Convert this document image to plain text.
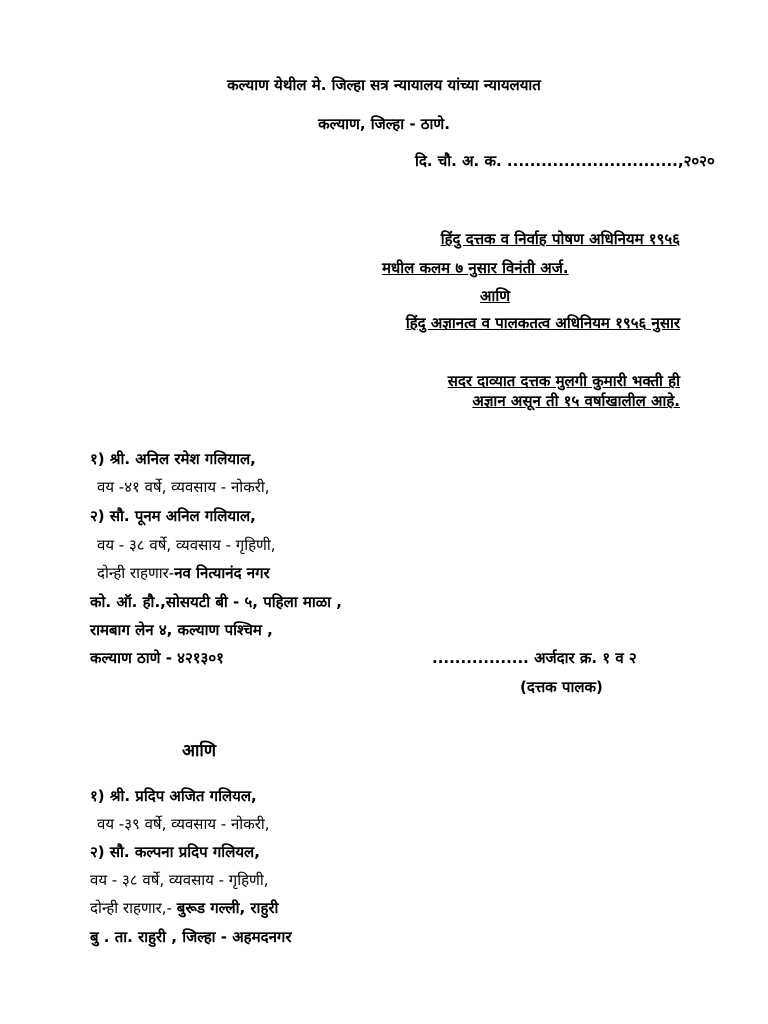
कल्याण येथील मे. जिल्हा सत्र न्यायालय यांच्या न्यायलयात
कल्याण, जिल्हा - ठाणे.
दि. चौ. अ. क. ..............................,२०२०
हिंदु दत्तक व निर्वाह पोषण अधिनियम १९५६
मधील कलम ७ नुसार विनंती अर्ज.
आणि
हिंदु अज्ञानत्व व पालकतत्व अधिनियम १९५६ नुसार
सदर दाव्यात दत्तक मुलगी कुमारी भक्ती ही
अज्ञान असून ती १५ वर्षाखालील आहे.
१) श्री. अनिल रमेश गलियाल,
वय -४१ वर्षे, व्यवसाय - नोकरी,
२) सौ. पूनम अनिल गलियाल,
वय - ३८ वर्षे, व्यवसाय - गृहिणी,
दोन्ही राहणार-नव नित्यानंद नगर
को. ऑ. हौ.,सोसयटी बी - ५, पहिला माळा ,
रामबाग लेन ४, कल्याण पश्चिम ,
कल्याण ठाणे - ४२१३०१	................. अर्जदार क्र. १ व २
(दत्तक पालक)
आणि
१) श्री. प्रदिप अजित गलियल,
वय -३९ वर्षे, व्यवसाय - नोकरी,
२) सौ. कल्पना प्रदिप गलियल,
वय - ३८ वर्षे, व्यवसाय - गृहिणी,
दोन्ही राहणार,- बुरूड गल्ली, राहुरी
बु . ता. राहुरी , जिल्हा - अहमदनगर
